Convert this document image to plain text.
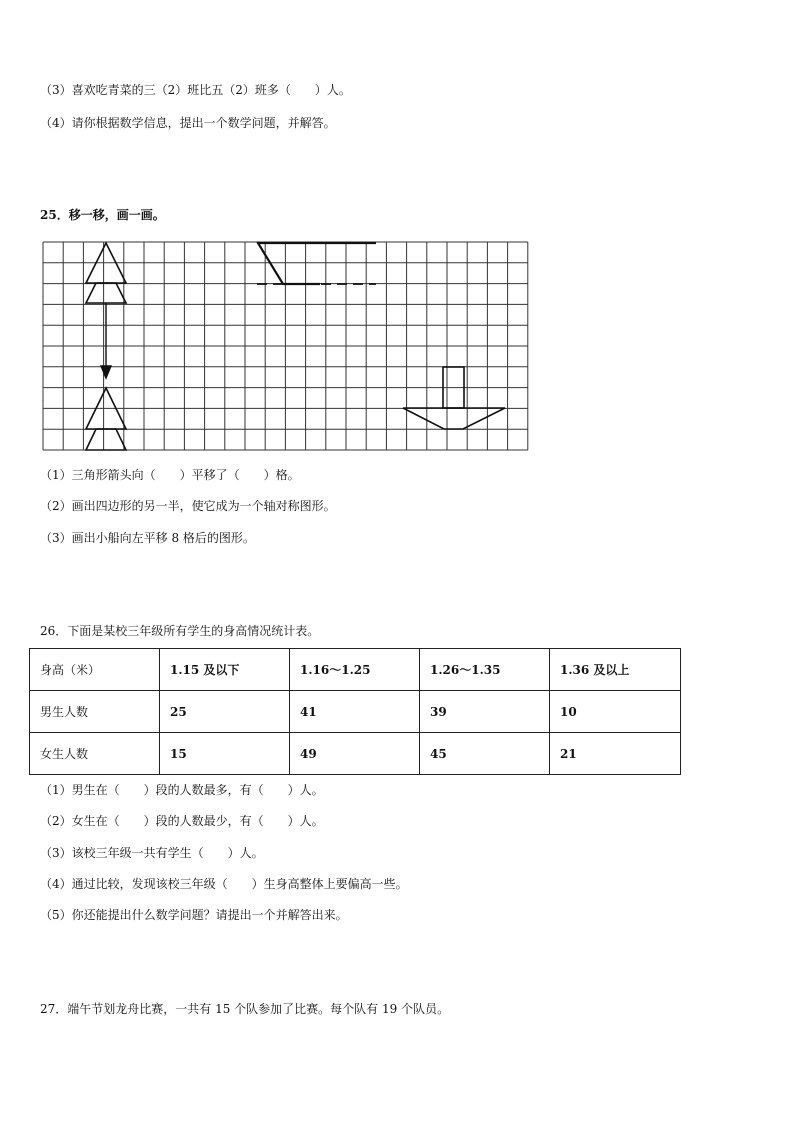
（3）喜欢吃青菜的三（2）班比五（2）班多（　　）人。
（4）请你根据数学信息，提出一个数学问题，并解答。
25．移一移，画一画。
（1）三角形箭头向（　　）平移了（　　）格。
（2）画出四边形的另一半，使它成为一个轴对称图形。
（3）画出小船向左平移 8 格后的图形。
26．下面是某校三年级所有学生的身高情况统计表。
身高（米）	1.15 及以下	1.16～1.25	1.26～1.35	1.36 及以上
男生人数	25	41	39	10
女生人数	15	49	45	21
（1）男生在（　　）段的人数最多，有（　　）人。
（2）女生在（　　）段的人数最少，有（　　）人。
（3）该校三年级一共有学生（　　）人。
（4）通过比较，发现该校三年级（　　）生身高整体上要偏高一些。
（5）你还能提出什么数学问题？请提出一个并解答出来。
27．端午节划龙舟比赛，一共有 15 个队参加了比赛。每个队有 19 个队员。
